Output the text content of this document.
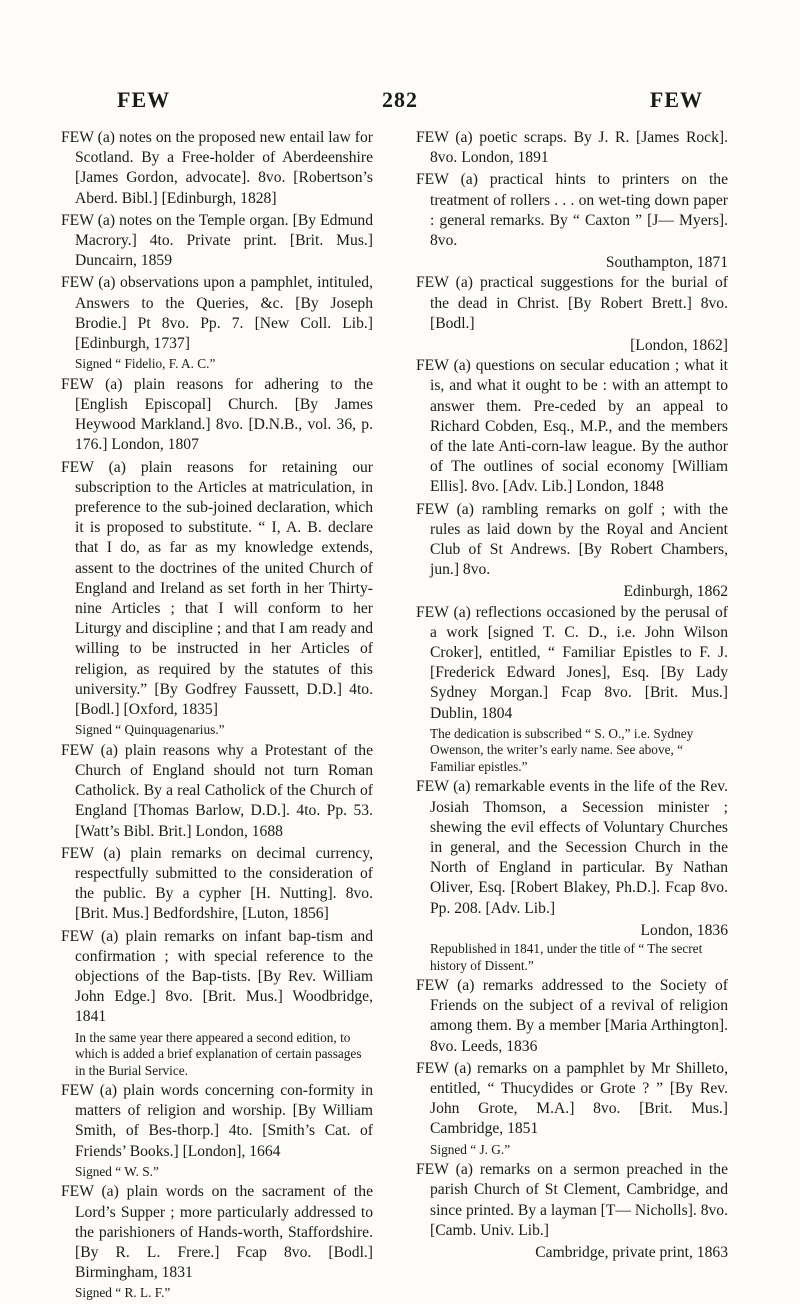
FEW	282	FEW

FEW (a) notes on the proposed new entail law for Scotland. By a Free-holder of Aberdeenshire [James Gordon, advocate]. 8vo. [Robertson’s Aberd. Bibl.] [Edinburgh, 1828]

FEW (a) notes on the Temple organ. [By Edmund Macrory.] 4to. Private print. [Brit. Mus.] Duncairn, 1859

FEW (a) observations upon a pamphlet, intituled, Answers to the Queries, &c. [By Joseph Brodie.] Pt 8vo. Pp. 7. [New Coll. Lib.] [Edinburgh, 1737]

Signed “ Fidelio, F. A. C.”

FEW (a) plain reasons for adhering to the [English Episcopal] Church. [By James Heywood Markland.] 8vo. [D.N.B., vol. 36, p. 176.] London, 1807

FEW (a) plain reasons for retaining our subscription to the Articles at matriculation, in preference to the sub-joined declaration, which it is proposed to substitute. “ I, A. B. declare that I do, as far as my knowledge extends, assent to the doctrines of the united Church of England and Ireland as set forth in her Thirty-nine Articles ; that I will conform to her Liturgy and discipline ; and that I am ready and willing to be instructed in her Articles of religion, as required by the statutes of this university.” [By Godfrey Faussett, D.D.] 4to. [Bodl.] [Oxford, 1835]

Signed “ Quinquagenarius.”

FEW (a) plain reasons why a Protestant of the Church of England should not turn Roman Catholick. By a real Catholick of the Church of England [Thomas Barlow, D.D.]. 4to. Pp. 53. [Watt’s Bibl. Brit.] London, 1688

FEW (a) plain remarks on decimal currency, respectfully submitted to the consideration of the public. By a cypher [H. Nutting]. 8vo. [Brit. Mus.] Bedfordshire, [Luton, 1856]

FEW (a) plain remarks on infant bap-tism and confirmation ; with special reference to the objections of the Bap-tists. [By Rev. William John Edge.] 8vo. [Brit. Mus.] Woodbridge, 1841

In the same year there appeared a second edition, to which is added a brief explanation of certain passages in the Burial Service.

FEW (a) plain words concerning con-formity in matters of religion and worship. [By William Smith, of Bes-thorp.] 4to. [Smith’s Cat. of Friends’ Books.] [London], 1664

Signed “ W. S.”

FEW (a) plain words on the sacrament of the Lord’s Supper ; more particularly addressed to the parishioners of Hands-worth, Staffordshire. [By R. L. Frere.] Fcap 8vo. [Bodl.] Birmingham, 1831

Signed “ R. L. F.”

FEW (a) poetic scraps. By J. R. [James Rock]. 8vo. London, 1891

FEW (a) practical hints to printers on the treatment of rollers . . . on wet-ting down paper : general remarks. By “ Caxton ” [J— Myers]. 8vo.

Southampton, 1871

FEW (a) practical suggestions for the burial of the dead in Christ. [By Robert Brett.] 8vo. [Bodl.]

[London, 1862]

FEW (a) questions on secular education ; what it is, and what it ought to be : with an attempt to answer them. Pre-ceded by an appeal to Richard Cobden, Esq., M.P., and the members of the late Anti-corn-law league. By the author of The outlines of social economy [William Ellis]. 8vo. [Adv. Lib.] London, 1848

FEW (a) rambling remarks on golf ; with the rules as laid down by the Royal and Ancient Club of St Andrews. [By Robert Chambers, jun.] 8vo.

Edinburgh, 1862

FEW (a) reflections occasioned by the perusal of a work [signed T. C. D., i.e. John Wilson Croker], entitled, “ Familiar Epistles to F. J. [Frederick Edward Jones], Esq. [By Lady Sydney Morgan.] Fcap 8vo. [Brit. Mus.] Dublin, 1804

The dedication is subscribed “ S. O.,” i.e. Sydney Owenson, the writer’s early name. See above, “ Familiar epistles.”

FEW (a) remarkable events in the life of the Rev. Josiah Thomson, a Secession minister ; shewing the evil effects of Voluntary Churches in general, and the Secession Church in the North of England in particular. By Nathan Oliver, Esq. [Robert Blakey, Ph.D.]. Fcap 8vo. Pp. 208. [Adv. Lib.]

London, 1836

Republished in 1841, under the title of “ The secret history of Dissent.”

FEW (a) remarks addressed to the Society of Friends on the subject of a revival of religion among them. By a member [Maria Arthington]. 8vo. Leeds, 1836

FEW (a) remarks on a pamphlet by Mr Shilleto, entitled, “ Thucydides or Grote ? ” [By Rev. John Grote, M.A.] 8vo. [Brit. Mus.] Cambridge, 1851

Signed “ J. G.”

FEW (a) remarks on a sermon preached in the parish Church of St Clement, Cambridge, and since printed. By a layman [T— Nicholls]. 8vo. [Camb. Univ. Lib.]

Cambridge, private print, 1863
